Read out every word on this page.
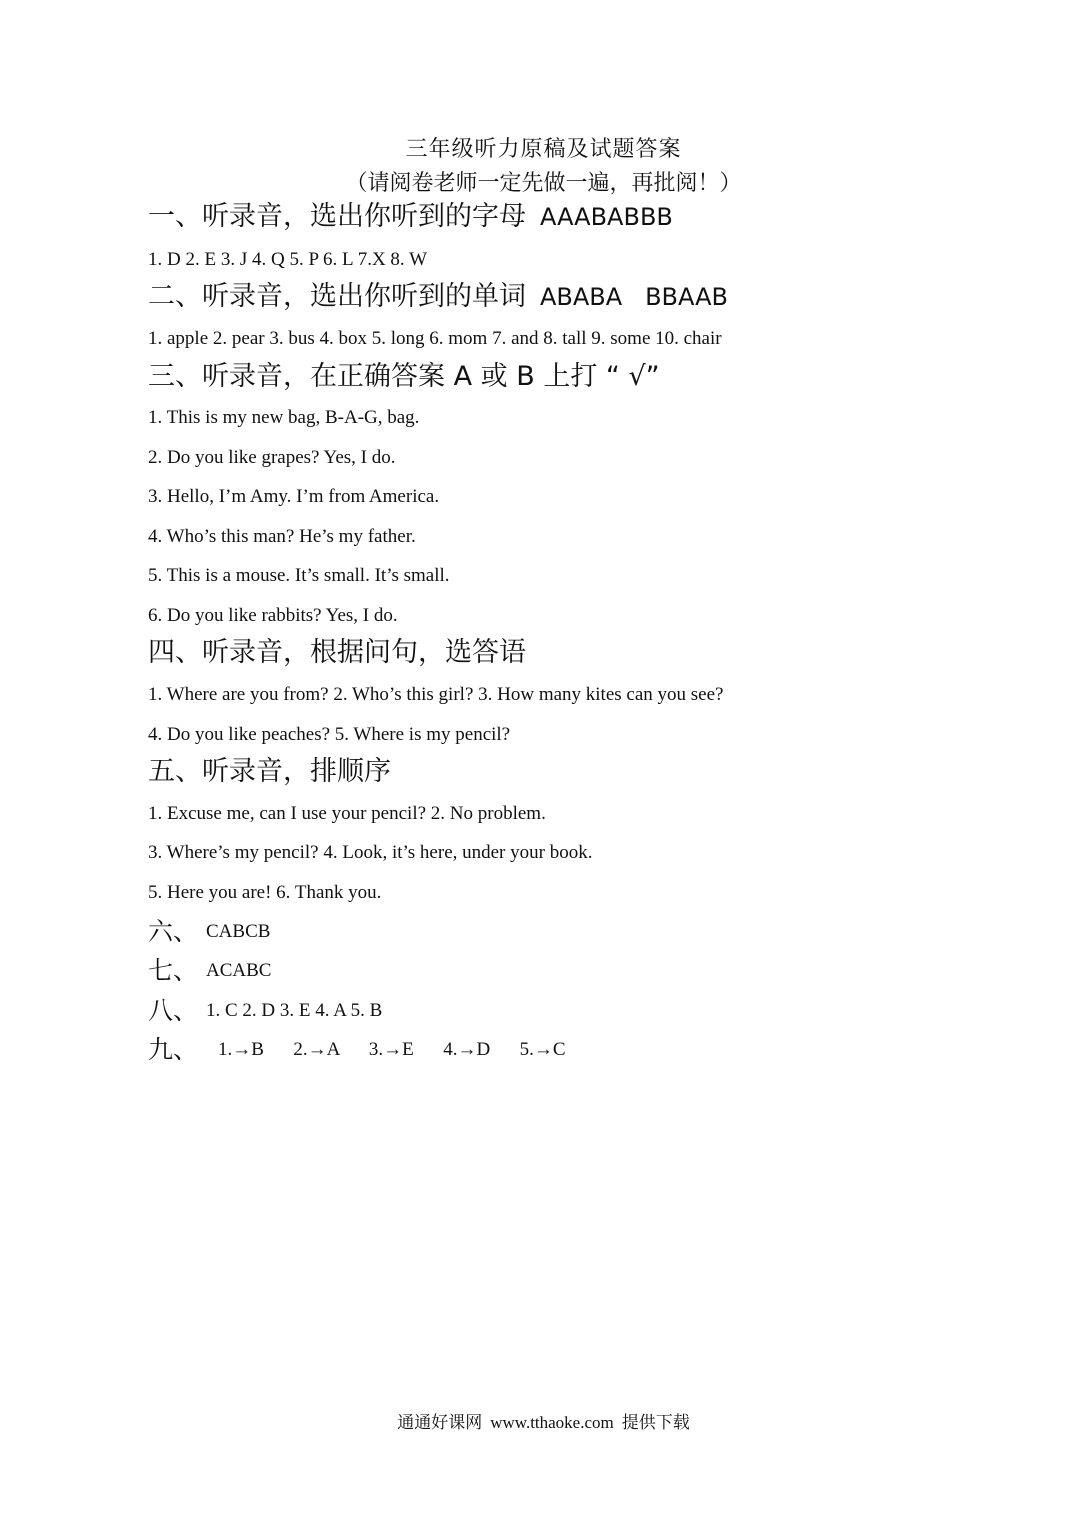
三年级听力原稿及试题答案
（请阅卷老师一定先做一遍，再批阅！）
一、听录音，选出你听到的字母 AAABABBB
1. D 2. E 3. J 4. Q 5. P 6. L 7.X 8. W
二、听录音，选出你听到的单词 ABABA   BBAAB
1. apple 2. pear 3. bus 4. box 5. long 6. mom 7. and 8. tall 9. some 10. chair
三、听录音，在正确答案 A 或 B 上打 “ √”
1. This is my new bag, B-A-G, bag.
2. Do you like grapes? Yes, I do.
3. Hello, I’m Amy. I’m from America.
4. Who’s this man? He’s my father.
5. This is a mouse. It’s small. It’s small.
6. Do you like rabbits? Yes, I do.
四、听录音，根据问句，选答语
1. Where are you from? 2. Who’s this girl? 3. How many kites can you see?
4. Do you like peaches? 5. Where is my pencil?
五、听录音，排顺序
1. Excuse me, can I use your pencil? 2. No problem.
3. Where’s my pencil? 4. Look, it’s here, under your book.
5. Here you are! 6. Thank you.
六、 CABCB
七、 ACABC
八、 1. C 2. D 3. E 4. A 5. B
九、 1.→B  2.→A  3.→E  4.→D  5.→C
通通好课网 www.tthaoke.com 提供下载
